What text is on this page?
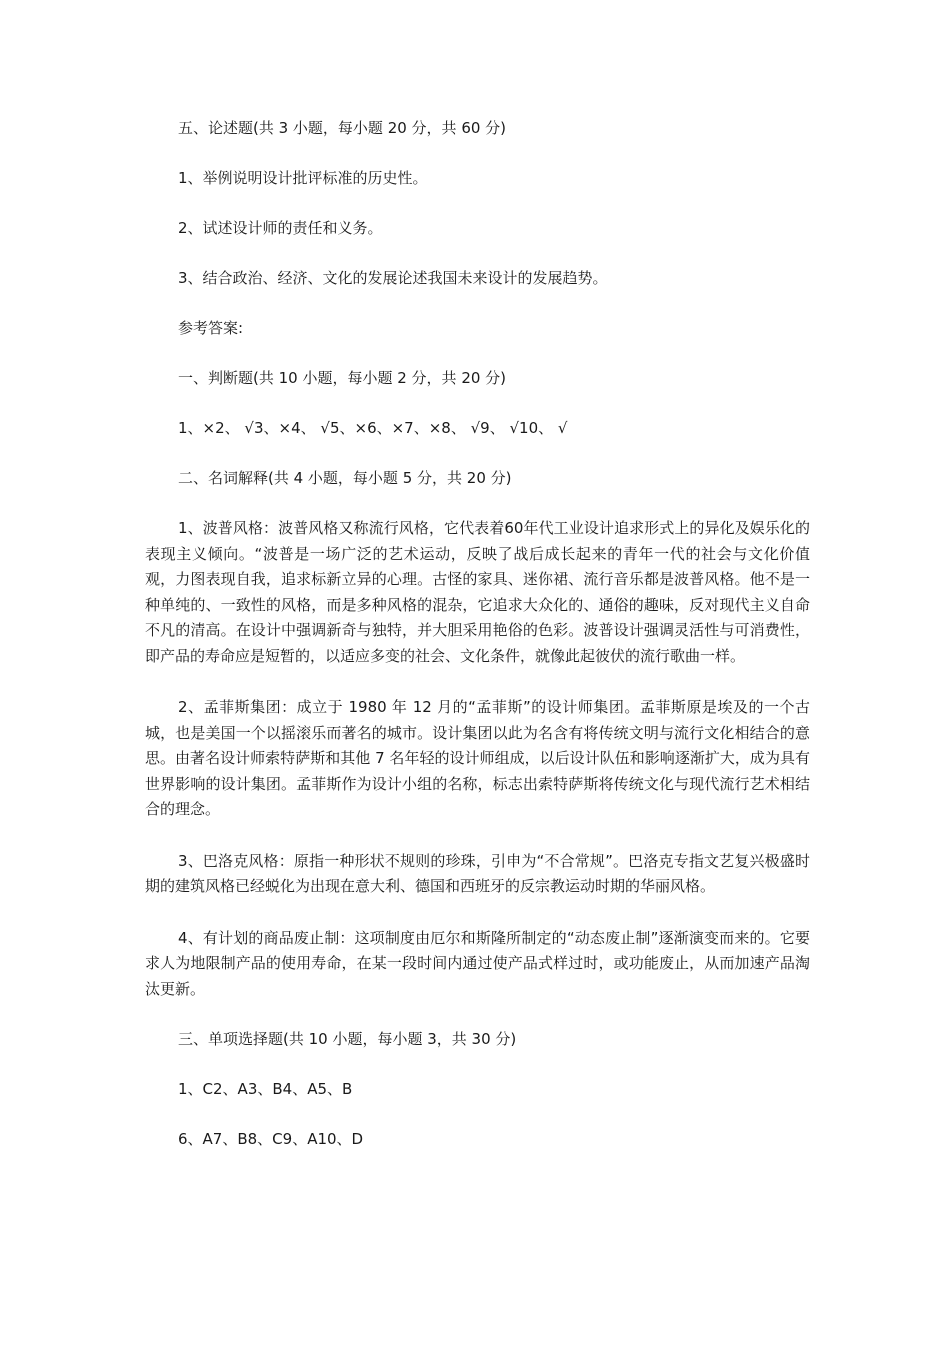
五、论述题(共 3 小题，每小题 20 分，共 60 分)

1、举例说明设计批评标准的历史性。

2、试述设计师的责任和义务。

3、结合政治、经济、文化的发展论述我国未来设计的发展趋势。

参考答案:

一、判断题(共 10 小题，每小题 2 分，共 20 分)

1、×2、 √3、×4、 √5、×6、×7、×8、 √9、 √10、 √

二、名词解释(共 4 小题，每小题 5 分，共 20 分)

1、波普风格：波普风格又称流行风格，它代表着60年代工业设计追求形式上的异化及娱乐化的表现主义倾向。“波普是一场广泛的艺术运动，反映了战后成长起来的青年一代的社会与文化价值观，力图表现自我，追求标新立异的心理。古怪的家具、迷你裙、流行音乐都是波普风格。他不是一种单纯的、一致性的风格，而是多种风格的混杂，它追求大众化的、通俗的趣味，反对现代主义自命不凡的清高。在设计中强调新奇与独特，并大胆采用艳俗的色彩。波普设计强调灵活性与可消费性，即产品的寿命应是短暂的，以适应多变的社会、文化条件，就像此起彼伏的流行歌曲一样。

2、孟菲斯集团：成立于 1980 年 12 月的“孟菲斯”的设计师集团。孟菲斯原是埃及的一个古城，也是美国一个以摇滚乐而著名的城市。设计集团以此为名含有将传统文明与流行文化相结合的意思。由著名设计师索特萨斯和其他 7 名年轻的设计师组成，以后设计队伍和影响逐渐扩大，成为具有世界影响的设计集团。孟菲斯作为设计小组的名称，标志出索特萨斯将传统文化与现代流行艺术相结合的理念。

3、巴洛克风格：原指一种形状不规则的珍珠，引申为“不合常规”。巴洛克专指文艺复兴极盛时期的建筑风格已经蜕化为出现在意大利、德国和西班牙的反宗教运动时期的华丽风格。

4、有计划的商品废止制：这项制度由厄尔和斯隆所制定的“动态废止制”逐渐演变而来的。它要求人为地限制产品的使用寿命，在某一段时间内通过使产品式样过时，或功能废止，从而加速产品淘汰更新。

三、单项选择题(共 10 小题，每小题 3，共 30 分)

1、C2、A3、B4、A5、B

6、A7、B8、C9、A10、D
